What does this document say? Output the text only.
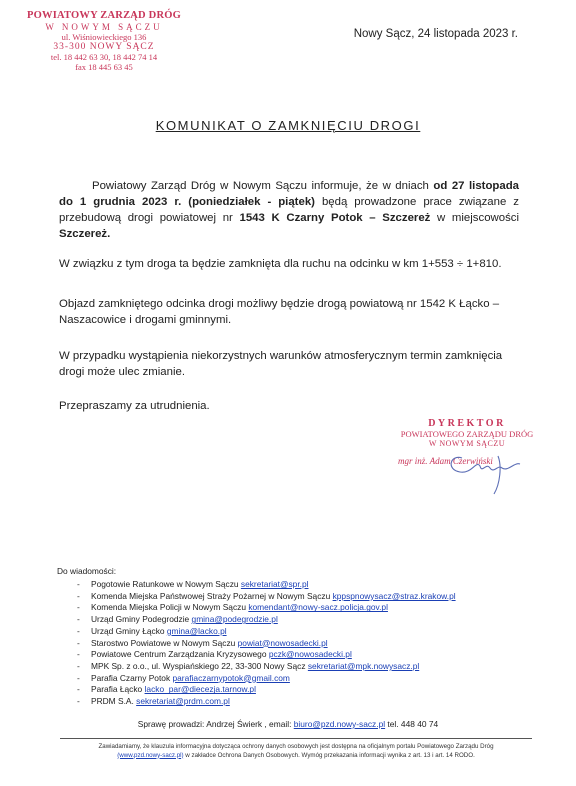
POWIATOWY ZARZĄD DRÓG
W NOWYM SĄCZU
ul. Wiśniowieckiego 136
33-300 NOWY SĄCZ
tel. 18 442 63 30, 18 442 74 14
fax 18 445 63 45
Nowy Sącz, 24 listopada 2023 r.
KOMUNIKAT O ZAMKNIĘCIU DROGI

Powiatowy Zarząd Dróg w Nowym Sączu informuje, że w dniach od 27 listopada do 1 grudnia 2023 r. (poniedziałek - piątek) będą prowadzone prace związane z przebudową drogi powiatowej nr 1543 K Czarny Potok – Szczereż w miejscowości Szczereż.

W związku z tym droga ta będzie zamknięta dla ruchu na odcinku w km 1+553 ÷ 1+810.

Objazd zamkniętego odcinka drogi możliwy będzie drogą powiatową nr 1542 K Łącko – Naszacowice i drogami gminnymi.

W przypadku wystąpienia niekorzystnych warunków atmosferycznym termin zamknięcia drogi może ulec zmianie.

Przepraszamy za utrudnienia.

DYREKTOR
POWIATOWEGO ZARZĄDU DRÓG
W NOWYM SĄCZU
mgr inż. Adam Czerwiński
Do wiadomości:
- Pogotowie Ratunkowe w Nowym Sączu sekretariat@spr.pl
- Komenda Miejska Państwowej Straży Pożarnej w Nowym Sączu kppspnowysacz@straz.krakow.pl
- Komenda Miejska Policji w Nowym Sączu komendant@nowy-sacz.policja.gov.pl
- Urząd Gminy Podegrodzie gmina@podegrodzie.pl
- Urząd Gminy Łącko gmina@lacko.pl
- Starostwo Powiatowe w Nowym Sączu powiat@nowosadecki.pl
- Powiatowe Centrum Zarządzania Kryzysowego pczk@nowosadecki.pl
- MPK Sp. z o.o., ul. Wyspiańskiego 22, 33-300 Nowy Sącz sekretariat@mpk.nowysacz.pl
- Parafia Czarny Potok parafiaczarnypotok@gmail.com
- Parafia Łącko lacko_par@diecezja.tarnow.pl
- PRDM S.A. sekretariat@prdm.com.pl
Sprawę prowadzi: Andrzej Świerk , email: biuro@pzd.nowy-sacz.pl tel. 448 40 74
Zawiadamiamy, że klauzula informacyjna dotycząca ochrony danych osobowych jest dostępna na oficjalnym portalu Powiatowego Zarządu Dróg
(www.pzd.nowy-sacz.pl) w zakładce Ochrona Danych Osobowych. Wymóg przekazania informacji wynika z art. 13 i art. 14 RODO.
